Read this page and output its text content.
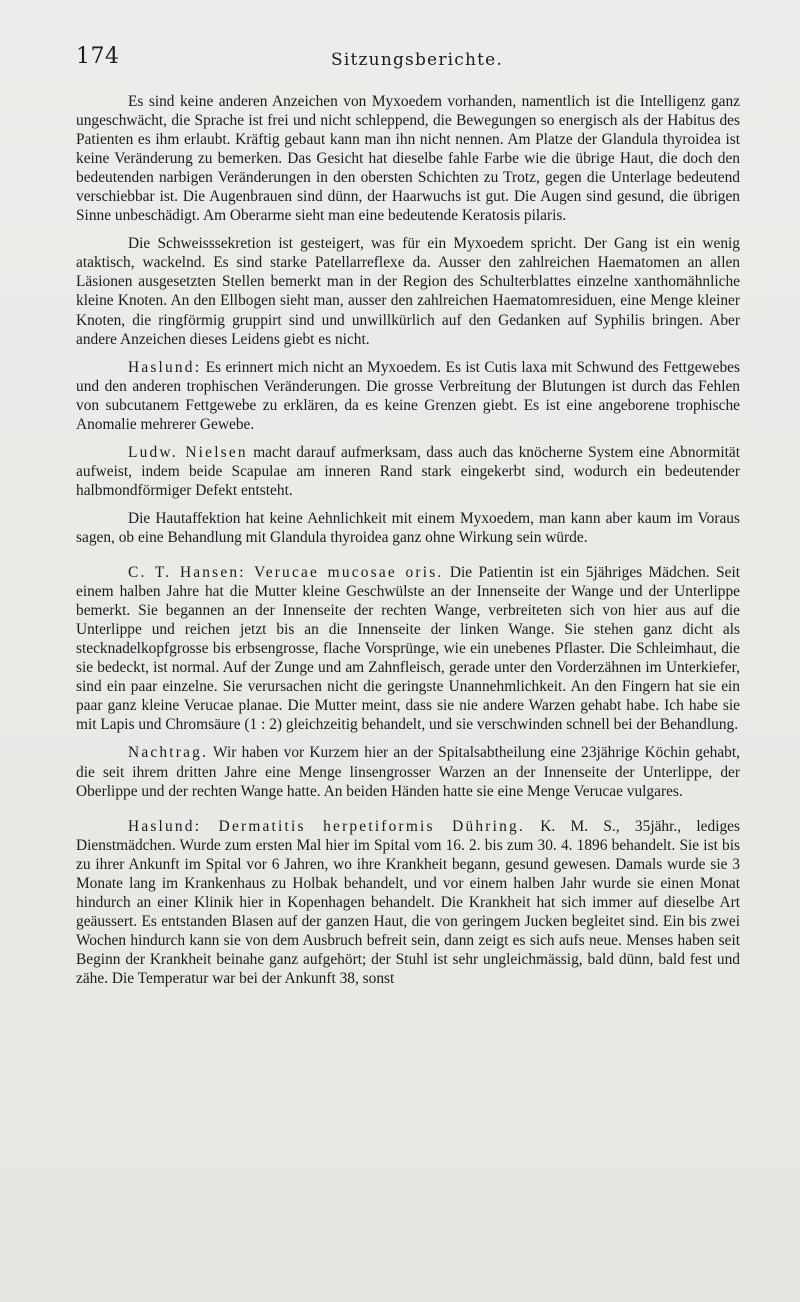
174	Sitzungsberichte.

Es sind keine anderen Anzeichen von Myxoedem vorhanden, namentlich ist die Intelligenz ganz ungeschwächt, die Sprache ist frei und nicht schleppend, die Bewegungen so energisch als der Habitus des Patienten es ihm erlaubt. Kräftig gebaut kann man ihn nicht nennen. Am Platze der Glandula thyroidea ist keine Veränderung zu bemerken. Das Gesicht hat dieselbe fahle Farbe wie die übrige Haut, die doch den bedeutenden narbigen Veränderungen in den obersten Schichten zu Trotz, gegen die Unterlage bedeutend verschiebbar ist. Die Augenbrauen sind dünn, der Haarwuchs ist gut. Die Augen sind gesund, die übrigen Sinne unbeschädigt. Am Oberarme sieht man eine bedeutende Keratosis pilaris.

Die Schweisssekretion ist gesteigert, was für ein Myxoedem spricht. Der Gang ist ein wenig ataktisch, wackelnd. Es sind starke Patellarreflexe da. Ausser den zahlreichen Haematomen an allen Läsionen ausgesetzten Stellen bemerkt man in der Region des Schulterblattes einzelne xanthomähnliche kleine Knoten. An den Ellbogen sieht man, ausser den zahlreichen Haematomresiduen, eine Menge kleiner Knoten, die ringförmig gruppirt sind und unwillkürlich auf den Gedanken auf Syphilis bringen. Aber andere Anzeichen dieses Leidens giebt es nicht.

Haslund: Es erinnert mich nicht an Myxoedem. Es ist Cutis laxa mit Schwund des Fettgewebes und den anderen trophischen Veränderungen. Die grosse Verbreitung der Blutungen ist durch das Fehlen von subcutanem Fettgewebe zu erklären, da es keine Grenzen giebt. Es ist eine angeborene trophische Anomalie mehrerer Gewebe.

Ludw. Nielsen macht darauf aufmerksam, dass auch das knöcherne System eine Abnormität aufweist, indem beide Scapulae am inneren Rand stark eingekerbt sind, wodurch ein bedeutender halbmondförmiger Defekt entsteht.

Die Hautaffektion hat keine Aehnlichkeit mit einem Myxoedem, man kann aber kaum im Voraus sagen, ob eine Behandlung mit Glandula thyroidea ganz ohne Wirkung sein würde.

C. T. Hansen: Verucae mucosae oris. Die Patientin ist ein 5jähriges Mädchen. Seit einem halben Jahre hat die Mutter kleine Geschwülste an der Innenseite der Wange und der Unterlippe bemerkt. Sie begannen an der Innenseite der rechten Wange, verbreiteten sich von hier aus auf die Unterlippe und reichen jetzt bis an die Innenseite der linken Wange. Sie stehen ganz dicht als stecknadelkopfgrosse bis erbsengrosse, flache Vorsprünge, wie ein unebenes Pflaster. Die Schleimhaut, die sie bedeckt, ist normal. Auf der Zunge und am Zahnfleisch, gerade unter den Vorderzähnen im Unterkiefer, sind ein paar einzelne. Sie verursachen nicht die geringste Unannehmlichkeit. An den Fingern hat sie ein paar ganz kleine Verucae planae. Die Mutter meint, dass sie nie andere Warzen gehabt habe. Ich habe sie mit Lapis und Chromsäure (1 : 2) gleichzeitig behandelt, und sie verschwinden schnell bei der Behandlung.

Nachtrag. Wir haben vor Kurzem hier an der Spitalsabtheilung eine 23jährige Köchin gehabt, die seit ihrem dritten Jahre eine Menge linsengrosser Warzen an der Innenseite der Unterlippe, der Oberlippe und der rechten Wange hatte. An beiden Händen hatte sie eine Menge Verucae vulgares.

Haslund: Dermatitis herpetiformis Dühring. K. M. S., 35jähr., lediges Dienstmädchen. Wurde zum ersten Mal hier im Spital vom 16. 2. bis zum 30. 4. 1896 behandelt. Sie ist bis zu ihrer Ankunft im Spital vor 6 Jahren, wo ihre Krankheit begann, gesund gewesen. Damals wurde sie 3 Monate lang im Krankenhaus zu Holbak behandelt, und vor einem halben Jahr wurde sie einen Monat hindurch an einer Klinik hier in Kopenhagen behandelt. Die Krankheit hat sich immer auf dieselbe Art geäussert. Es entstanden Blasen auf der ganzen Haut, die von geringem Jucken begleitet sind. Ein bis zwei Wochen hindurch kann sie von dem Ausbruch befreit sein, dann zeigt es sich aufs neue. Menses haben seit Beginn der Krankheit beinahe ganz aufgehört; der Stuhl ist sehr ungleichmässig, bald dünn, bald fest und zähe. Die Temperatur war bei der Ankunft 38, sonst
